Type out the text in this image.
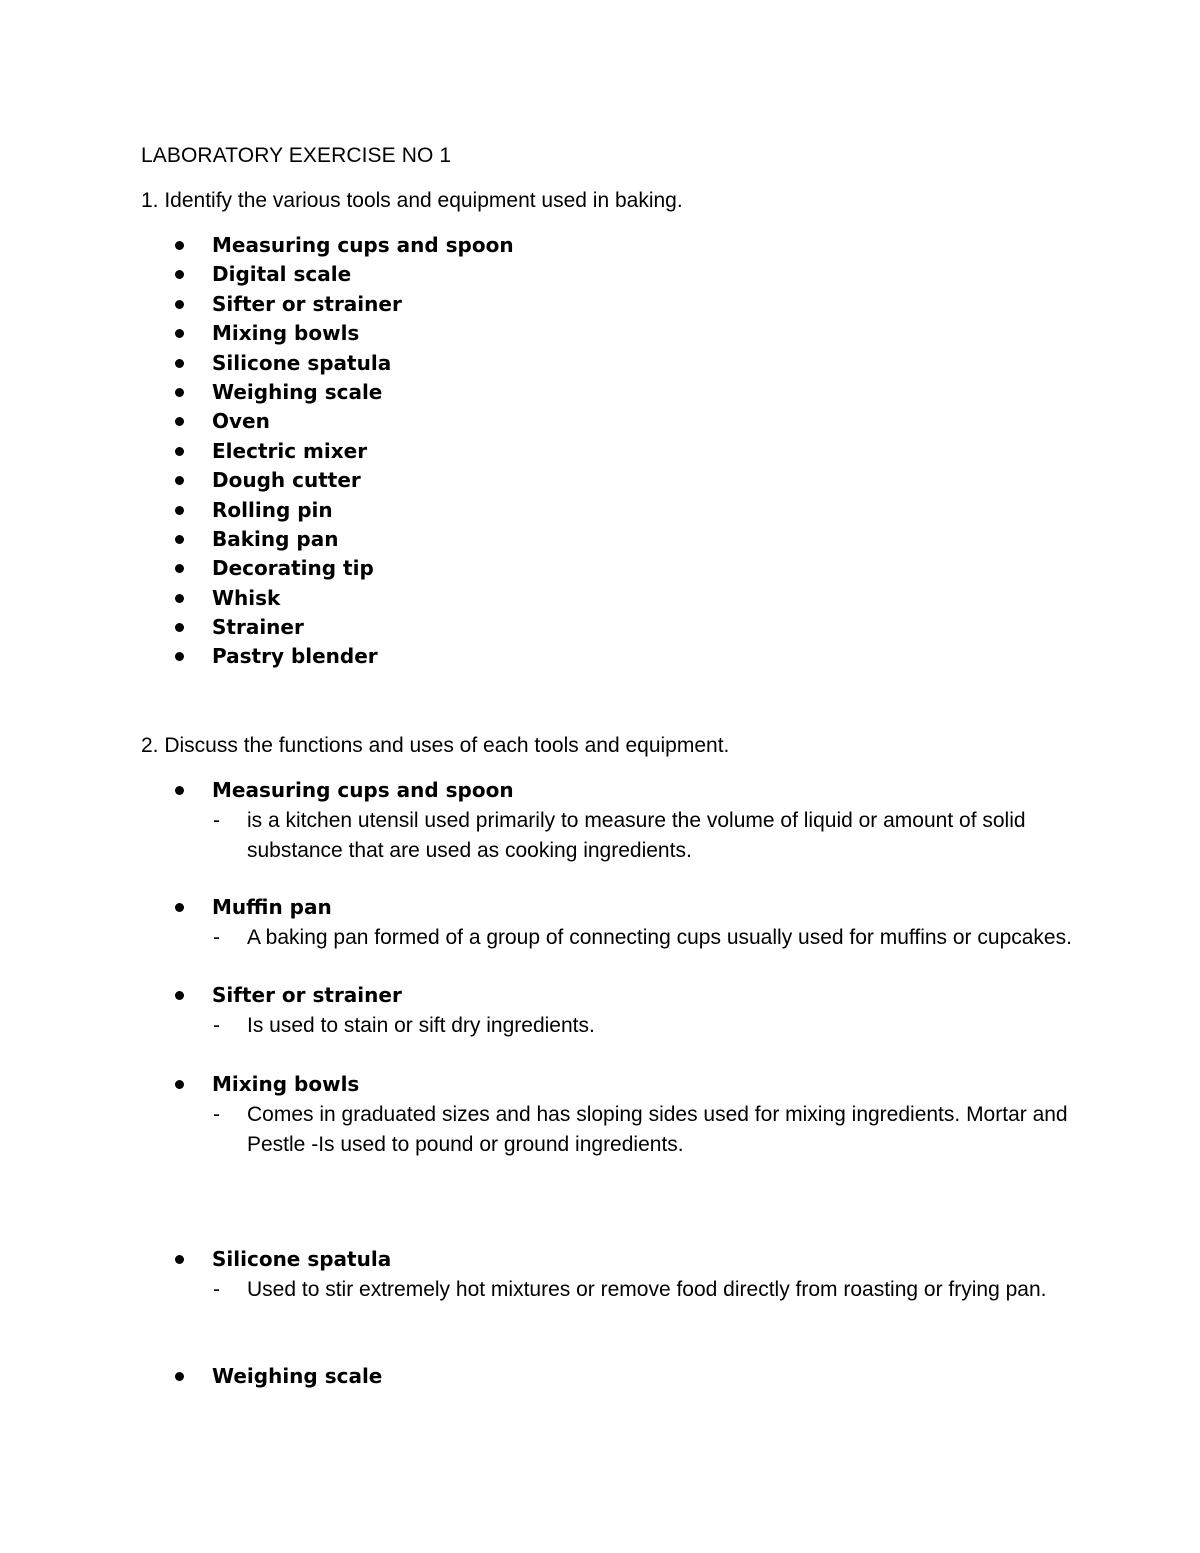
LABORATORY EXERCISE NO 1

1. Identify the various tools and equipment used in baking.

Measuring cups and spoon
Digital scale
Sifter or strainer
Mixing bowls
Silicone spatula
Weighing scale
Oven
Electric mixer
Dough cutter
Rolling pin
Baking pan
Decorating tip
Whisk
Strainer
Pastry blender

2. Discuss the functions and uses of each tools and equipment.

Measuring cups and spoon
- is a kitchen utensil used primarily to measure the volume of liquid or amount of solid substance that are used as cooking ingredients.
Muffin pan
- A baking pan formed of a group of connecting cups usually used for muffins or cupcakes.
Sifter or strainer
- Is used to stain or sift dry ingredients.
Mixing bowls
- Comes in graduated sizes and has sloping sides used for mixing ingredients. Mortar and Pestle -Is used to pound or ground ingredients.
Silicone spatula
- Used to stir extremely hot mixtures or remove food directly from roasting or frying pan.
Weighing scale
